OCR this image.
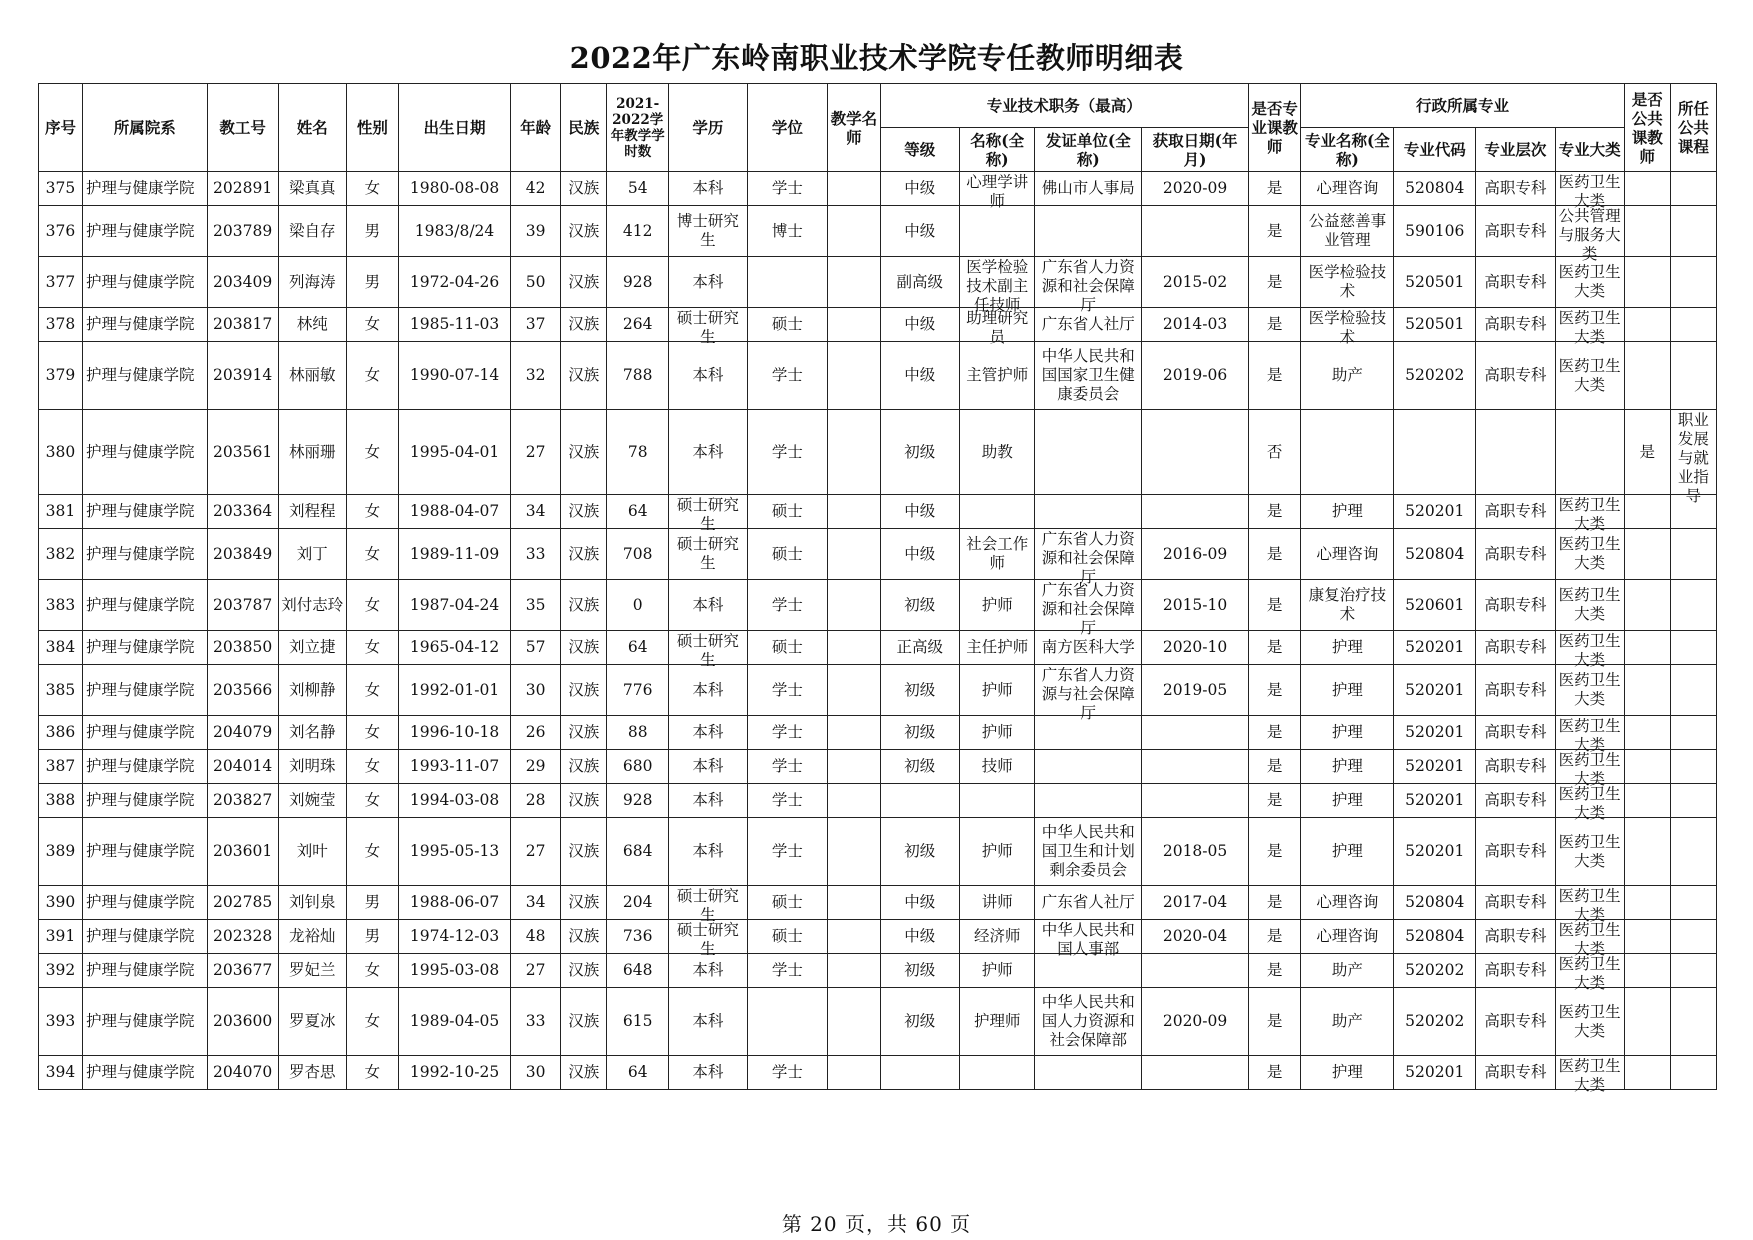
2022年广东岭南职业技术学院专任教师明细表
序号	所属院系	教工号	姓名	性别	出生日期	年龄	民族	2021-2022学年教学学时数	学历	学位	教学名师	专业技术职务（最高）				是否专业课教师	行政所属专业				是否公共课教师	所任公共课程
												等级	名称(全称)	发证单位(全称)	获取日期(年月)		专业名称(全称)	专业代码	专业层次	专业大类		

375	护理与健康学院	202891	梁真真	女	1980-08-08	42	汉族	54	本科	学士		中级	心理学讲师	佛山市人事局	2020-09	是	心理咨询	520804	高职专科	医药卫生大类		

376	护理与健康学院	203789	梁自存	男	1983/8/24	39	汉族	412	博士研究生	博士		中级				是	公益慈善事业管理	590106	高职专科	公共管理与服务大类		

377	护理与健康学院	203409	列海涛	男	1972-04-26	50	汉族	928	本科			副高级	医学检验技术副主任技师	广东省人力资源和社会保障厅	2015-02	是	医学检验技术	520501	高职专科	医药卫生大类		

378	护理与健康学院	203817	林纯	女	1985-11-03	37	汉族	264	硕士研究生	硕士		中级	助理研究员	广东省人社厅	2014-03	是	医学检验技术	520501	高职专科	医药卫生大类		

379	护理与健康学院	203914	林丽敏	女	1990-07-14	32	汉族	788	本科	学士		中级	主管护师	中华人民共和国国家卫生健康委员会	2019-06	是	助产	520202	高职专科	医药卫生大类		

380	护理与健康学院	203561	林丽珊	女	1995-04-01	27	汉族	78	本科	学士		初级	助教			否					是	职业发展与就业指导

381	护理与健康学院	203364	刘程程	女	1988-04-07	34	汉族	64	硕士研究生	硕士		中级				是	护理	520201	高职专科	医药卫生大类		

382	护理与健康学院	203849	刘丁	女	1989-11-09	33	汉族	708	硕士研究生	硕士		中级	社会工作师	广东省人力资源和社会保障厅	2016-09	是	心理咨询	520804	高职专科	医药卫生大类		

383	护理与健康学院	203787	刘付志玲	女	1987-04-24	35	汉族	0	本科	学士		初级	护师	广东省人力资源和社会保障厅	2015-10	是	康复治疗技术	520601	高职专科	医药卫生大类		

384	护理与健康学院	203850	刘立捷	女	1965-04-12	57	汉族	64	硕士研究生	硕士		正高级	主任护师	南方医科大学	2020-10	是	护理	520201	高职专科	医药卫生大类		

385	护理与健康学院	203566	刘柳静	女	1992-01-01	30	汉族	776	本科	学士		初级	护师	广东省人力资源与社会保障厅	2019-05	是	护理	520201	高职专科	医药卫生大类		

386	护理与健康学院	204079	刘名静	女	1996-10-18	26	汉族	88	本科	学士		初级	护师			是	护理	520201	高职专科	医药卫生大类		

387	护理与健康学院	204014	刘明珠	女	1993-11-07	29	汉族	680	本科	学士		初级	技师			是	护理	520201	高职专科	医药卫生大类		

388	护理与健康学院	203827	刘婉莹	女	1994-03-08	28	汉族	928	本科	学士						是	护理	520201	高职专科	医药卫生大类		

389	护理与健康学院	203601	刘叶	女	1995-05-13	27	汉族	684	本科	学士		初级	护师	中华人民共和国卫生和计划剩余委员会	2018-05	是	护理	520201	高职专科	医药卫生大类		

390	护理与健康学院	202785	刘钊泉	男	1988-06-07	34	汉族	204	硕士研究生	硕士		中级	讲师	广东省人社厅	2017-04	是	心理咨询	520804	高职专科	医药卫生大类		

391	护理与健康学院	202328	龙裕灿	男	1974-12-03	48	汉族	736	硕士研究生	硕士		中级	经济师	中华人民共和国人事部	2020-04	是	心理咨询	520804	高职专科	医药卫生大类		

392	护理与健康学院	203677	罗妃兰	女	1995-03-08	27	汉族	648	本科	学士		初级	护师			是	助产	520202	高职专科	医药卫生大类		

393	护理与健康学院	203600	罗夏冰	女	1989-04-05	33	汉族	615	本科			初级	护理师	中华人民共和国人力资源和社会保障部	2020-09	是	助产	520202	高职专科	医药卫生大类		

394	护理与健康学院	204070	罗杏思	女	1992-10-25	30	汉族	64	本科	学士						是	护理	520201	高职专科	医药卫生大类		

第 20 页，共 60 页
